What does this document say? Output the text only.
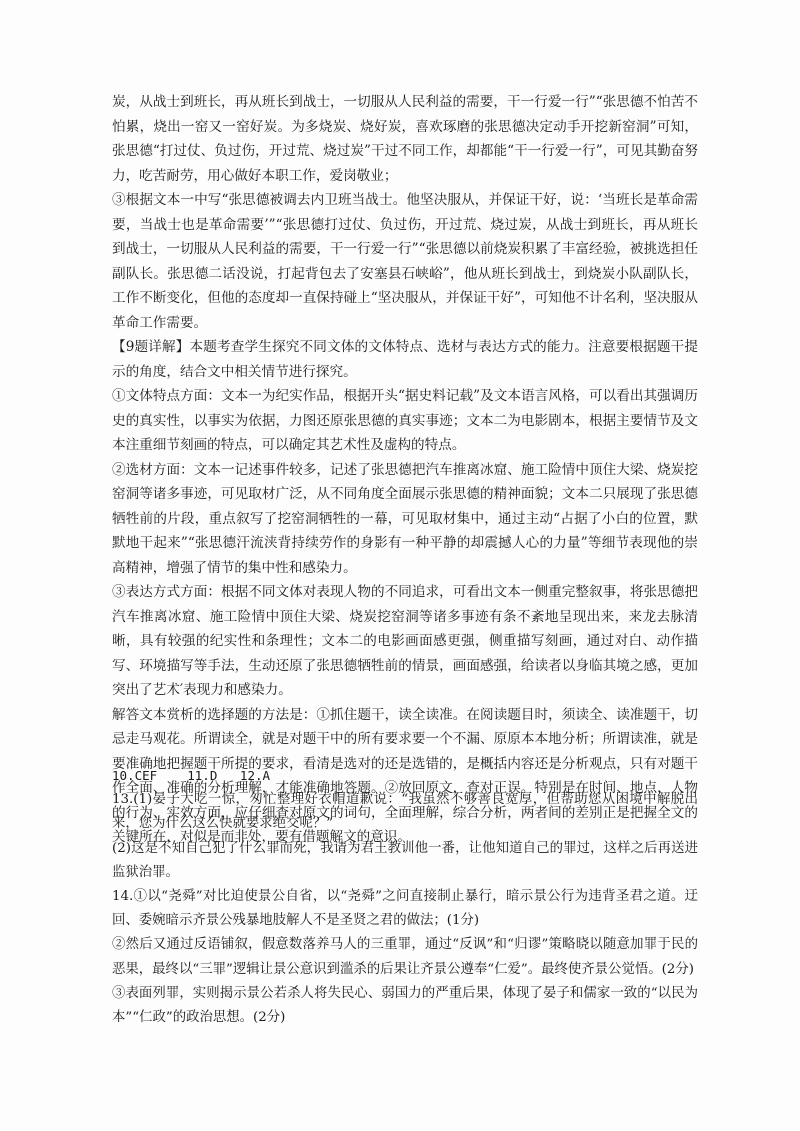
炭，从战士到班长，再从班长到战士，一切服从人民利益的需要，干一行爱一行”“张思德不怕苦不怕累，烧出一窑又一窑好炭。为多烧炭、烧好炭，喜欢琢磨的张思德决定动手开挖新窑洞”可知，张思德“打过仗、负过伤，开过荒、烧过炭”干过不同工作，却都能“干一行爱一行”，可见其勤奋努力，吃苦耐劳，用心做好本职工作，爱岗敬业；

③根据文本一中写“张思德被调去内卫班当战士。他坚决服从，并保证干好，说：‘当班长是革命需要，当战士也是革命需要’”“张思德打过仗、负过伤，开过荒、烧过炭，从战士到班长，再从班长到战士，一切服从人民利益的需要，干一行爱一行”“张思德以前烧炭积累了丰富经验，被挑选担任副队长。张思德二话没说，打起背包去了安塞县石峡峪”，他从班长到战士，到烧炭小队副队长，工作不断变化，但他的态度却一直保持碰上“坚决服从，并保证干好”，可知他不计名利，坚决服从革命工作需要。

【9题详解】本题考查学生探究不同文体的文体特点、选材与表达方式的能力。注意要根据题干提示的角度，结合文中相关情节进行探究。

①文体特点方面：文本一为纪实作品，根据开头“据史料记载”及文本语言风格，可以看出其强调历史的真实性，以事实为依据，力图还原张思德的真实事迹；文本二为电影剧本，根据主要情节及文本注重细节刻画的特点，可以确定其艺术性及虚构的特点。

②选材方面：文本一记述事件较多，记述了张思德把汽车推离冰窟、施工险情中顶住大梁、烧炭挖窑洞等诸多事迹，可见取材广泛，从不同角度全面展示张思德的精神面貌；文本二只展现了张思德牺牲前的片段，重点叙写了挖窑洞牺牲的一幕，可见取材集中，通过主动“占据了小白的位置，默默地干起来”“张思德汗流浃背持续劳作的身影有一种平静的却震撼人心的力量”等细节表现他的崇高精神，增强了情节的集中性和感染力。

③表达方式方面：根据不同文体对表现人物的不同追求，可看出文本一侧重完整叙事，将张思德把汽车推离冰窟、施工险情中顶住大梁、烧炭挖窑洞等诸多事迹有条不紊地呈现出来，来龙去脉清晰，具有较强的纪实性和条理性；文本二的电影画面感更强，侧重描写刻画，通过对白、动作描写、环境描写等手法，生动还原了张思德牺牲前的情景，画面感强，给读者以身临其境之感，更加突出了艺术′表现力和感染力。

解答文本赏析的选择题的方法是：①抓住题干，读全读准。在阅读题目时，须读全、读准题干，切忌走马观花。所谓读全，就是对题干中的所有要求要一个不漏、原原本本地分析；所谓读准，就是要准确地把握题干所提的要求，看清是选对的还是选错的，是概括内容还是分析观点，只有对题干作全面、准确的分析理解，才能准确地答题。②放回原文，查对正误。特别是在时间、地点，人物的行为、实效方面，应仔细查对原文的词句，全面理解，综合分析，两者间的差别正是把握全文的关键所在，对似是而非处，要有借题解文的意识。

10.CEF    11.D   12.A

13.(1)晏子大吃一惊，匆忙整理好衣帽道歉说：“我虽然不够善良宽厚，但帮助您从困境中解脱出来，您为什么这么快就要求绝交呢？”

(2)这是不知自己犯了什么罪而死，我请为君王教训他一番，让他知道自己的罪过，这样之后再送进监狱治罪。

14.①以“尧舜”对比迫使景公自省，以“尧舜”之问直接制止暴行，暗示景公行为违背圣君之道。迂回、委婉暗示齐景公残暴地肢解人不是圣贤之君的做法；(1分)

②然后又通过反语铺叙，假意数落养马人的三重罪，通过“反讽”和“归谬”策略晓以随意加罪于民的恶果，最终以“三罪”逻辑让景公意识到滥杀的后果让齐景公遵奉“仁爱”。最终使齐景公觉悟。(2分)

③表面列罪，实则揭示景公若杀人将失民心、弱国力的严重后果，体现了晏子和儒家一致的“以民为本”“仁政”的政治思想。(2分)
